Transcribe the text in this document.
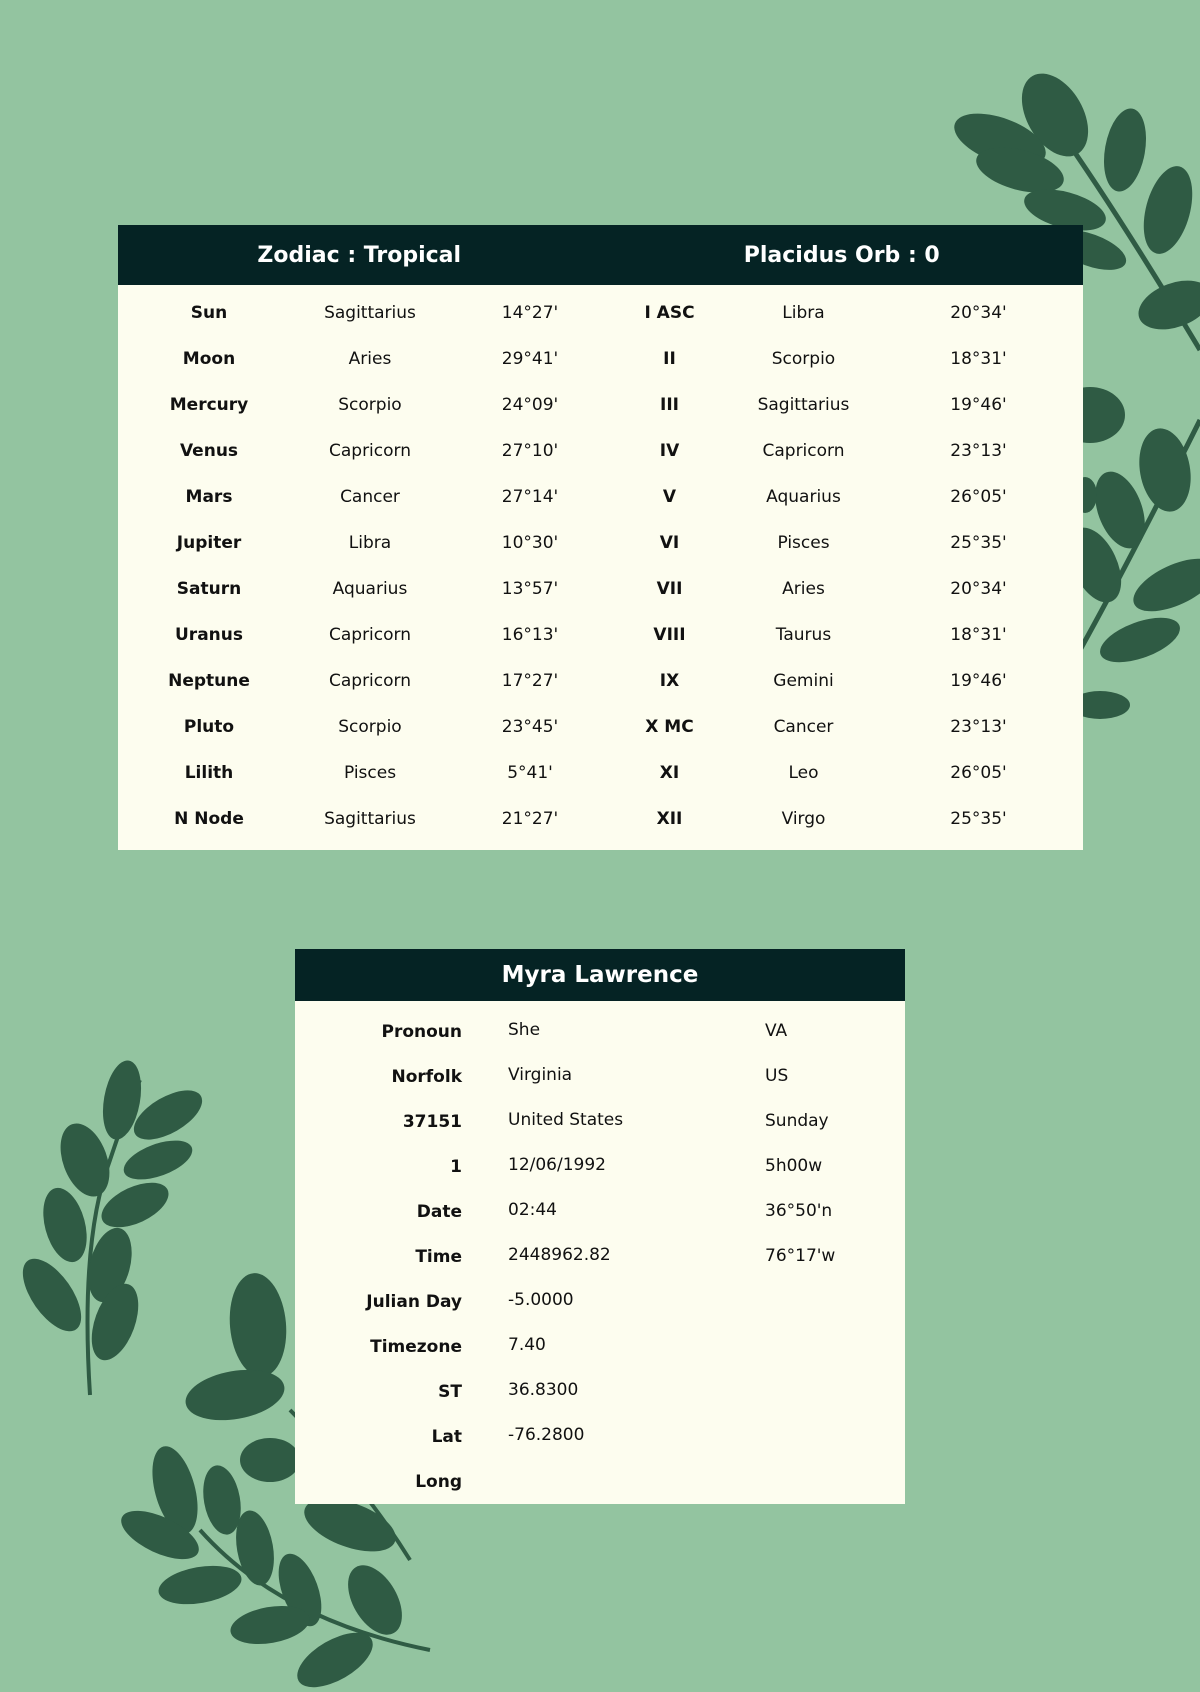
Zodiac : Tropical	Placidus Orb : 0
Sun	Sagittarius	14°27'
Moon	Aries	29°41'
Mercury	Scorpio	24°09'
Venus	Capricorn	27°10'
Mars	Cancer	27°14'
Jupiter	Libra	10°30'
Saturn	Aquarius	13°57'
Uranus	Capricorn	16°13'
Neptune	Capricorn	17°27'
Pluto	Scorpio	23°45'
Lilith	Pisces	5°41'
N Node	Sagittarius	21°27'
I ASC	Libra	20°34'
II	Scorpio	18°31'
III	Sagittarius	19°46'
IV	Capricorn	23°13'
V	Aquarius	26°05'
VI	Pisces	25°35'
VII	Aries	20°34'
VIII	Taurus	18°31'
IX	Gemini	19°46'
X MC	Cancer	23°13'
XI	Leo	26°05'
XII	Virgo	25°35'
Myra Lawrence
Pronoun	She	VA
Norfolk	Virginia	US
37151	United States	Sunday
1	12/06/1992	5h00w
Date	02:44	36°50'n
Time	2448962.82	76°17'w
Julian Day	-5.0000
Timezone	7.40
ST	36.8300
Lat	-76.2800
Long
